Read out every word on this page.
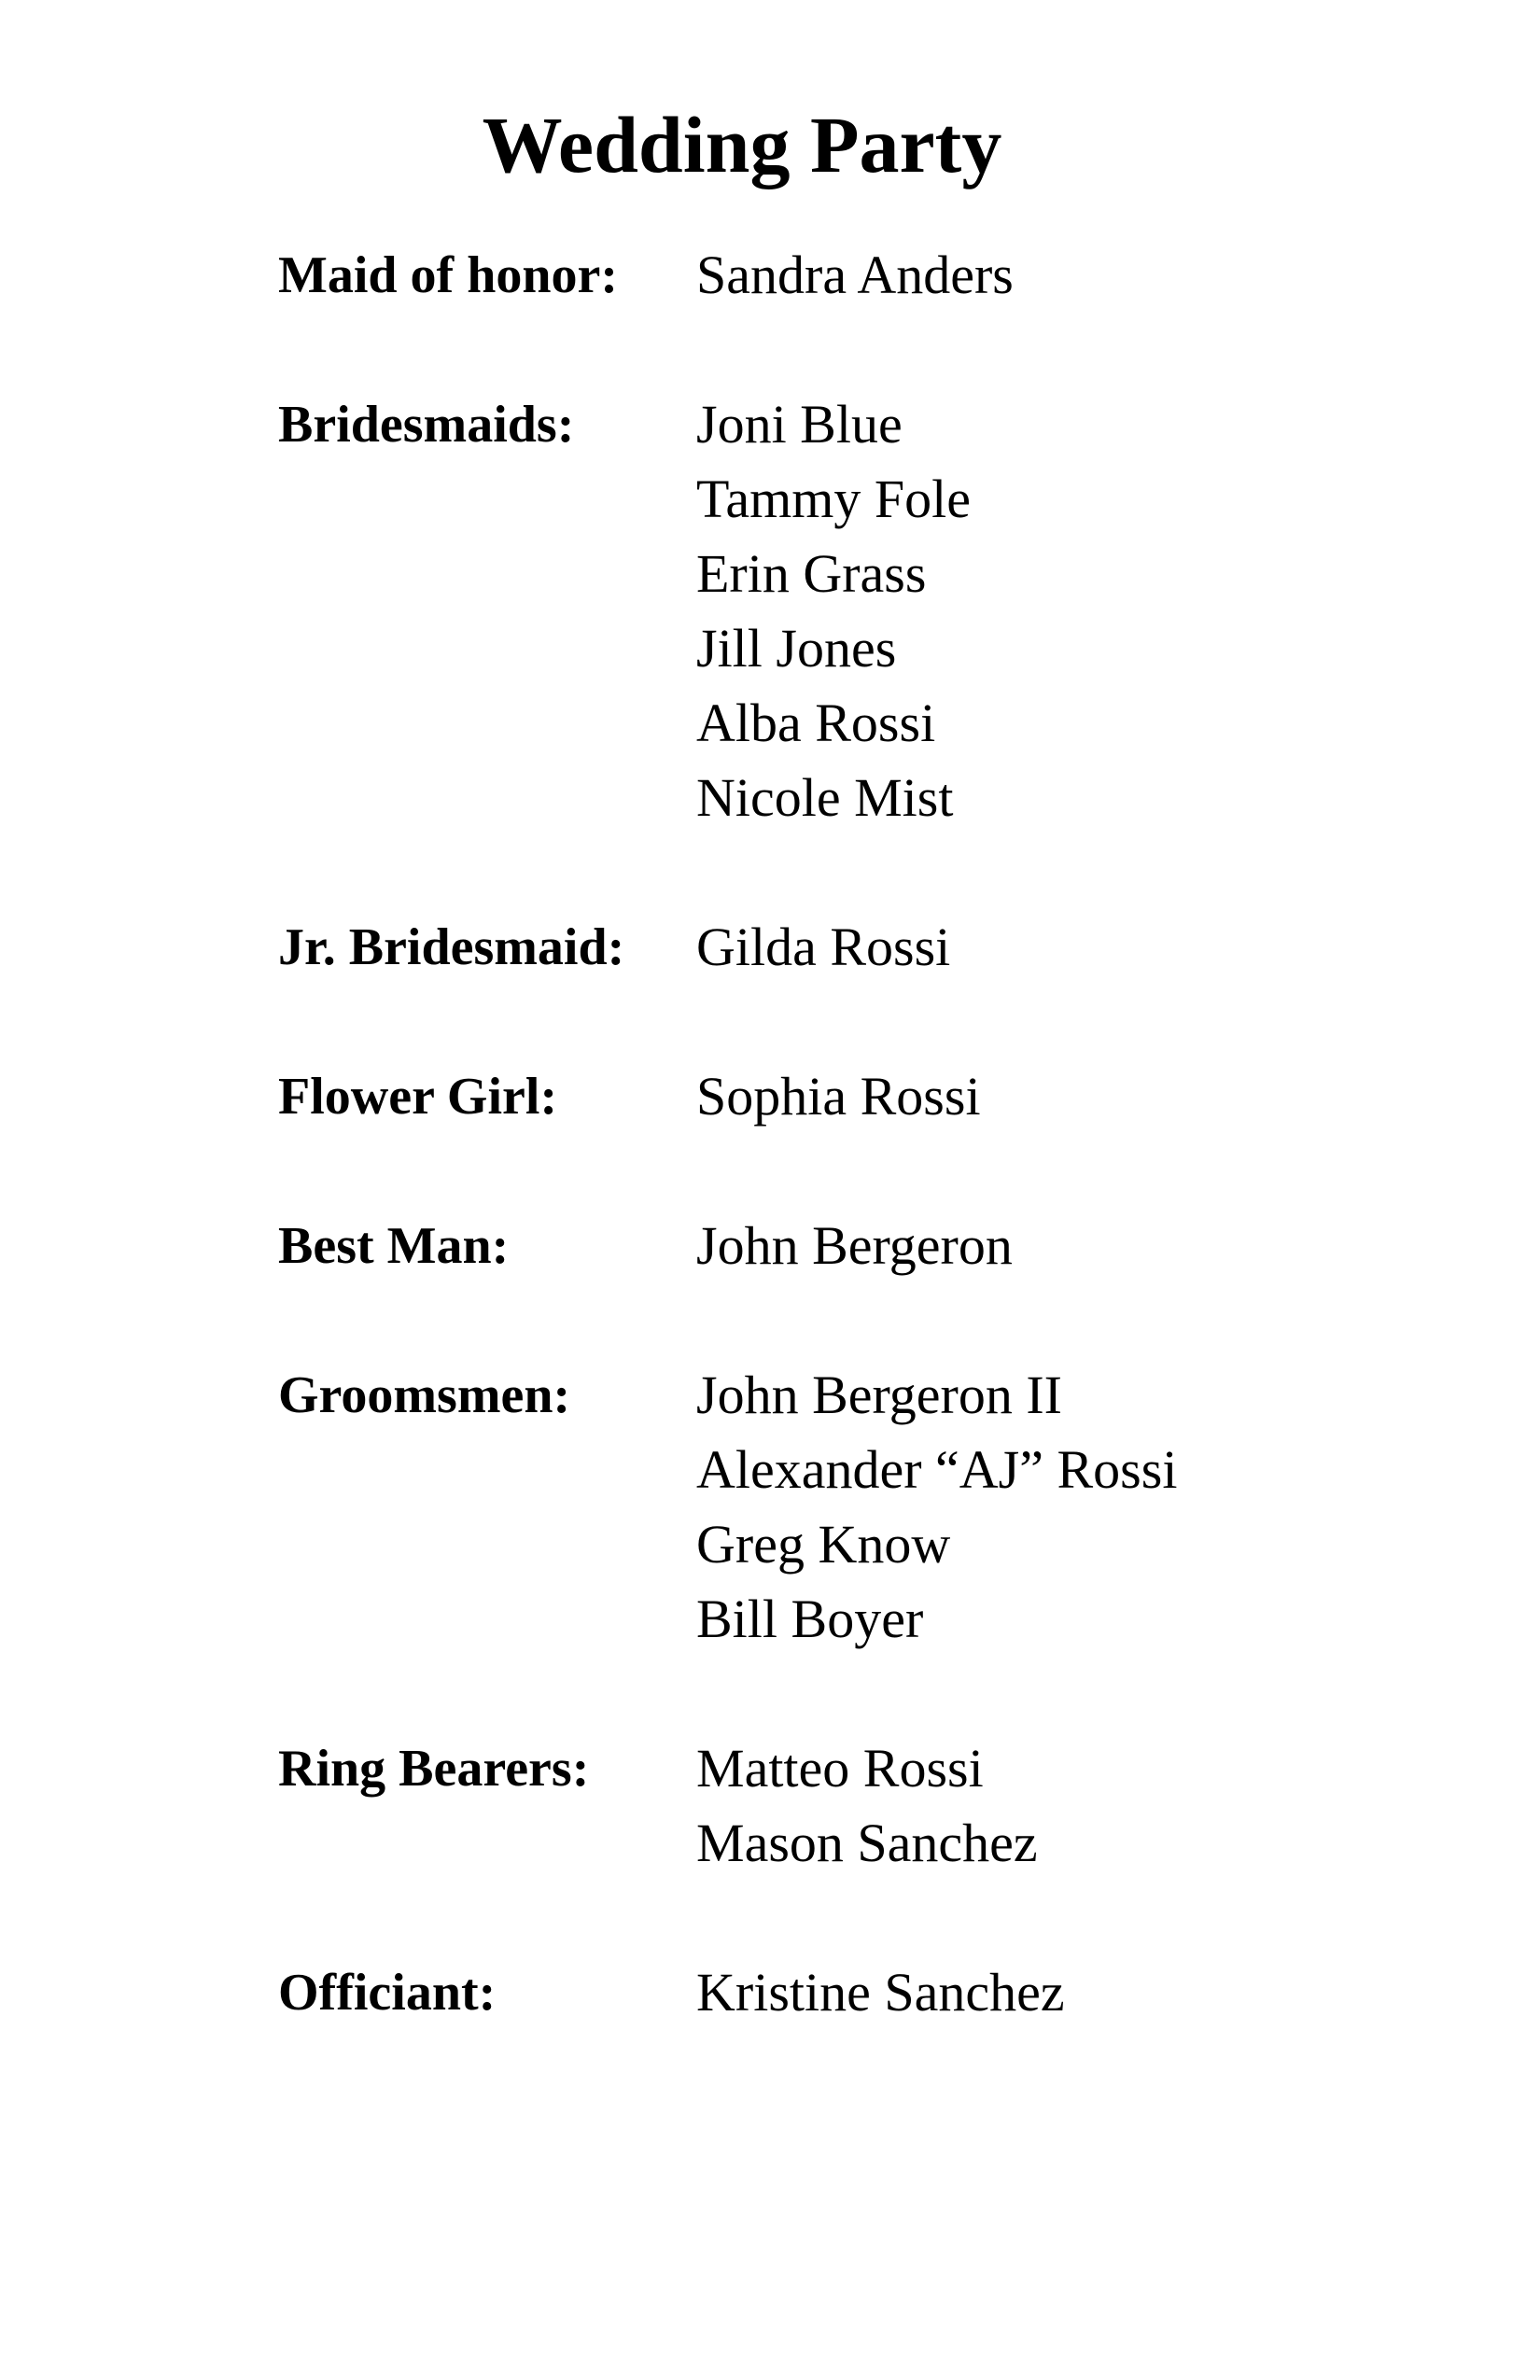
Wedding Party
Maid of honor:	Sandra Anders
Bridesmaids:	Joni Blue
Tammy Fole
Erin Grass
Jill Jones
Alba Rossi
Nicole Mist
Jr. Bridesmaid:	Gilda Rossi
Flower Girl:	Sophia Rossi
Best Man:	John Bergeron
Groomsmen:	John Bergeron II
Alexander “AJ” Rossi
Greg Know
Bill Boyer
Ring Bearers:	Matteo Rossi
Mason Sanchez
Officiant:	Kristine Sanchez
